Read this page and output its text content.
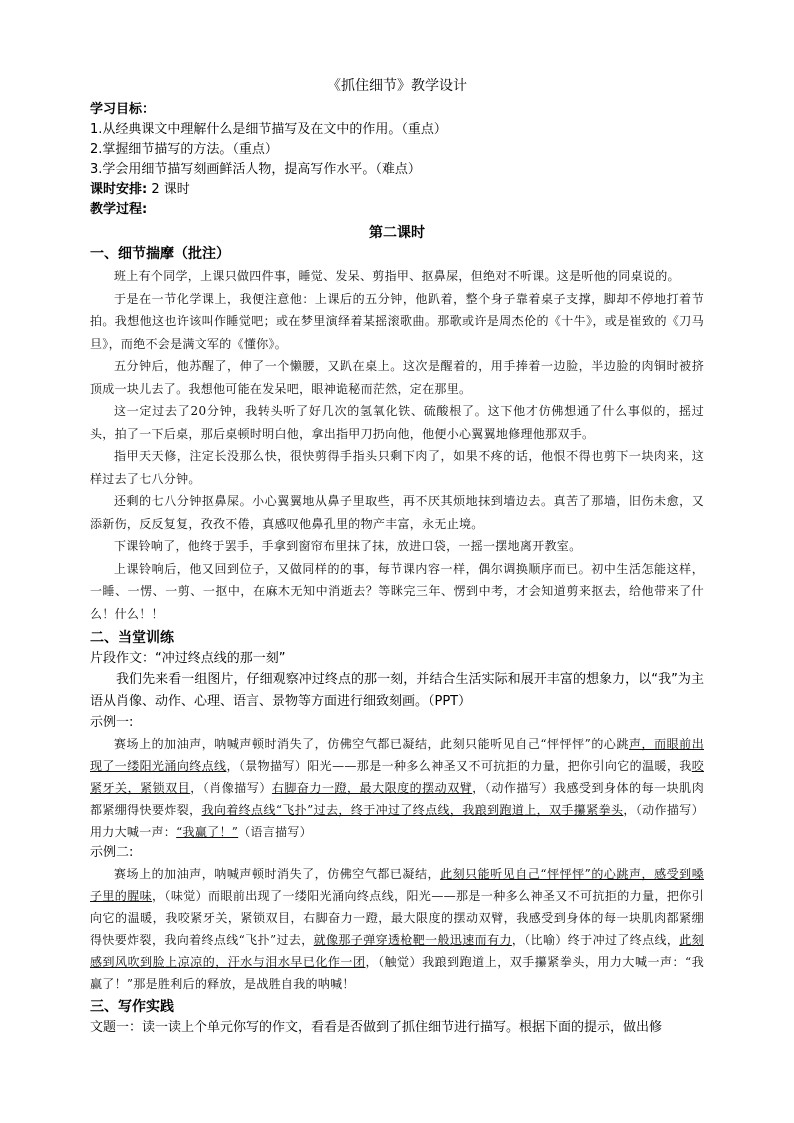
《抓住细节》教学设计

学习目标：

1.从经典课文中理解什么是细节描写及在文中的作用。（重点）

2.掌握细节描写的方法。（重点）

3.学会用细节描写刻画鲜活人物，提高写作水平。（难点）

课时安排: 2 课时

教学过程:

第二课时

一、细节揣摩（批注）

班上有个同学，上课只做四件事，睡觉、发呆、剪指甲、抠鼻屎，但绝对不听课。这是听他的同桌说的。

于是在一节化学课上，我便注意他：上课后的五分钟，他趴着，整个身子靠着桌子支撑，脚却不停地打着节拍。我想他这也许该叫作睡觉吧；或在梦里演绎着某摇滚歌曲。那歌或许是周杰伦的《十牛》，或是崔致的《刀马旦》，而绝不会是满文军的《懂你》。

五分钟后，他苏醒了，伸了一个懒腰，又趴在桌上。这次是醒着的，用手捧着一边脸，半边脸的肉铜时被挤顶成一块儿去了。我想他可能在发呆吧，眼神诡秘而茫然，定在那里。

这一定过去了20分钟，我转头听了好几次的氢氧化铁、硫酸根了。这下他才仿佛想通了什么事似的，摇过头，拍了一下后桌，那后桌顿时明白他，拿出指甲刀扔向他，他便小心翼翼地修理他那双手。

指甲天天修，注定长没那么快，很快剪得手指头只剩下肉了，如果不疼的话，他恨不得也剪下一块肉来，这样过去了七八分钟。

还剩的七八分钟抠鼻屎。小心翼翼地从鼻子里取些，再不厌其烦地抹到墙边去。真苦了那墙，旧伤未愈，又添新伤，反反复复，孜孜不倦，真感叹他鼻孔里的物产丰富，永无止境。

下课铃响了，他终于罢手，手拿到窗帘布里抹了抹，放进口袋，一摇一摆地离开教室。

上课铃响后，他又回到位子，又做同样的的事，每节课内容一样，偶尔调换顺序而已。初中生活怎能这样，一睡、一愣、一剪、一抠中，在麻木无知中消逝去？等眯完三年、愣到中考，才会知道剪来抠去，给他带来了什么！什么！！

二、当堂训练

片段作文：“冲过终点线的那一刻”

我们先来看一组图片，仔细观察冲过终点的那一刻，并结合生活实际和展开丰富的想象力，以“我”为主语从肖像、动作、心理、语言、景物等方面进行细致刻画。（PPT）

示例一:

赛场上的加油声，呐喊声顿时消失了，仿佛空气都已凝结，此刻只能听见自己“怦怦怦”的心跳声，而眼前出现了一缕阳光涌向终点线，（景物描写）阳光——那是一种多么神圣又不可抗拒的力量，把你引向它的温暖，我咬紧牙关，紧锁双目，（肖像描写）右脚奋力一蹬，最大限度的摆动双臂，（动作描写）我感受到身体的每一块肌肉都紧绷得快要炸裂，我向着终点线“飞扑”过去，终于冲过了终点线，我踉到跑道上，双手攥紧拳头，（动作描写）用力大喊一声：“我赢了！”（语言描写）

示例二:

赛场上的加油声，呐喊声顿时消失了，仿佛空气都已凝结，此刻只能听见自己“怦怦怦”的心跳声，感受到嗓子里的腥味，（味觉）而眼前出现了一缕阳光涌向终点线，阳光——那是一种多么神圣又不可抗拒的力量，把你引向它的温暖，我咬紧牙关，紧锁双目，右脚奋力一蹬，最大限度的摆动双臂，我感受到身体的每一块肌肉都紧绷得快要炸裂，我向着终点线“飞扑”过去，就像那子弹穿透枪靶一般迅速而有力，（比喻）终于冲过了终点线，此刻感到风吹到脸上凉凉的，汗水与泪水早已化作一团，（触觉）我踉到跑道上，双手攥紧拳头，用力大喊一声：“我赢了！”那是胜利后的释放，是战胜自我的呐喊！

三、写作实践

文题一：读一读上个单元你写的作文，看看是否做到了抓住细节进行描写。根据下面的提示，做出修
